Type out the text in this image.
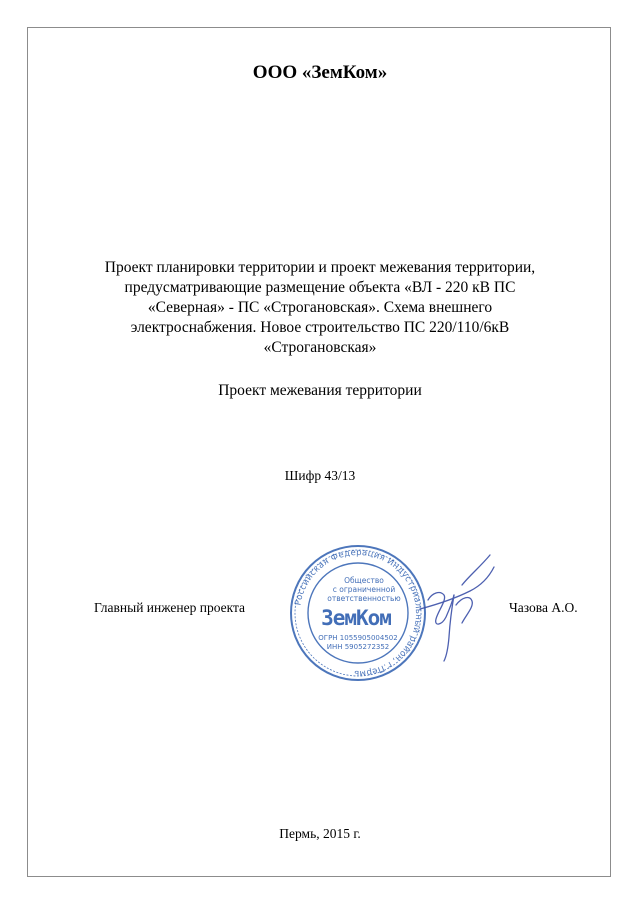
ООО «ЗемКом»
Проект планировки территории и проект межевания территории,
предусматривающие размещение объекта «ВЛ - 220 кВ ПС
«Северная» - ПС «Строгановская». Схема внешнего
электроснабжения. Новое строительство ПС 220/110/6кВ
«Строгановская»
Проект межевания территории
Шифр 43/13
Главный инженер проекта	Российская Федерация Индустриальный район, г.Пермь
Общество
с ограниченной
ответственностью
ЗемКом
ОГРН 1055905004502
ИНН 5905272352
Чазова А.О.
Пермь, 2015 г.
